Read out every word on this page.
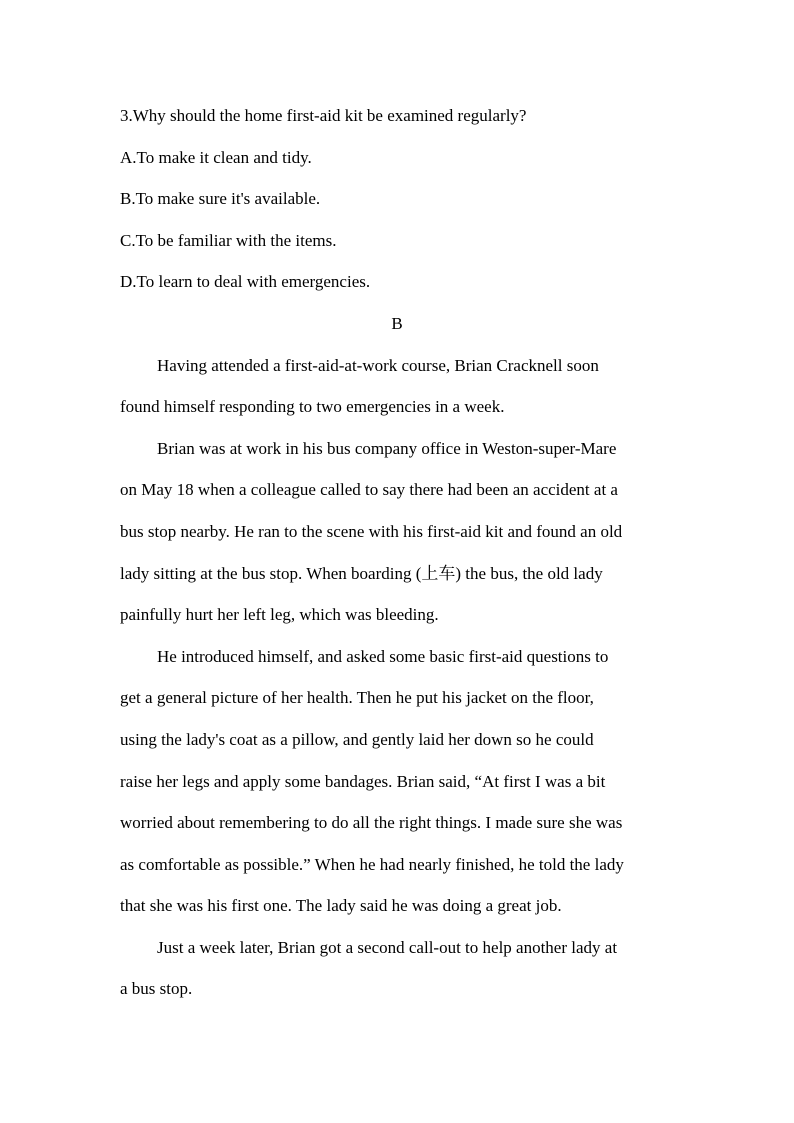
3.Why should the home first-aid kit be examined regularly?
A.To make it clean and tidy.
B.To make sure it's available.
C.To be familiar with the items.
D.To learn to deal with emergencies.
B
Having attended a first-aid-at-work course, Brian Cracknell soon
found himself responding to two emergencies in a week.
Brian was at work in his bus company office in Weston-super-Mare
on May 18 when a colleague called to say there had been an accident at a
bus stop nearby. He ran to the scene with his first-aid kit and found an old
lady sitting at the bus stop. When boarding (上车) the bus, the old lady
painfully hurt her left leg, which was bleeding.
He introduced himself, and asked some basic first-aid questions to
get a general picture of her health. Then he put his jacket on the floor,
using the lady's coat as a pillow, and gently laid her down so he could
raise her legs and apply some bandages. Brian said, “At first I was a bit
worried about remembering to do all the right things. I made sure she was
as comfortable as possible.” When he had nearly finished, he told the lady
that she was his first one. The lady said he was doing a great job.
Just a week later, Brian got a second call-out to help another lady at
a bus stop.
